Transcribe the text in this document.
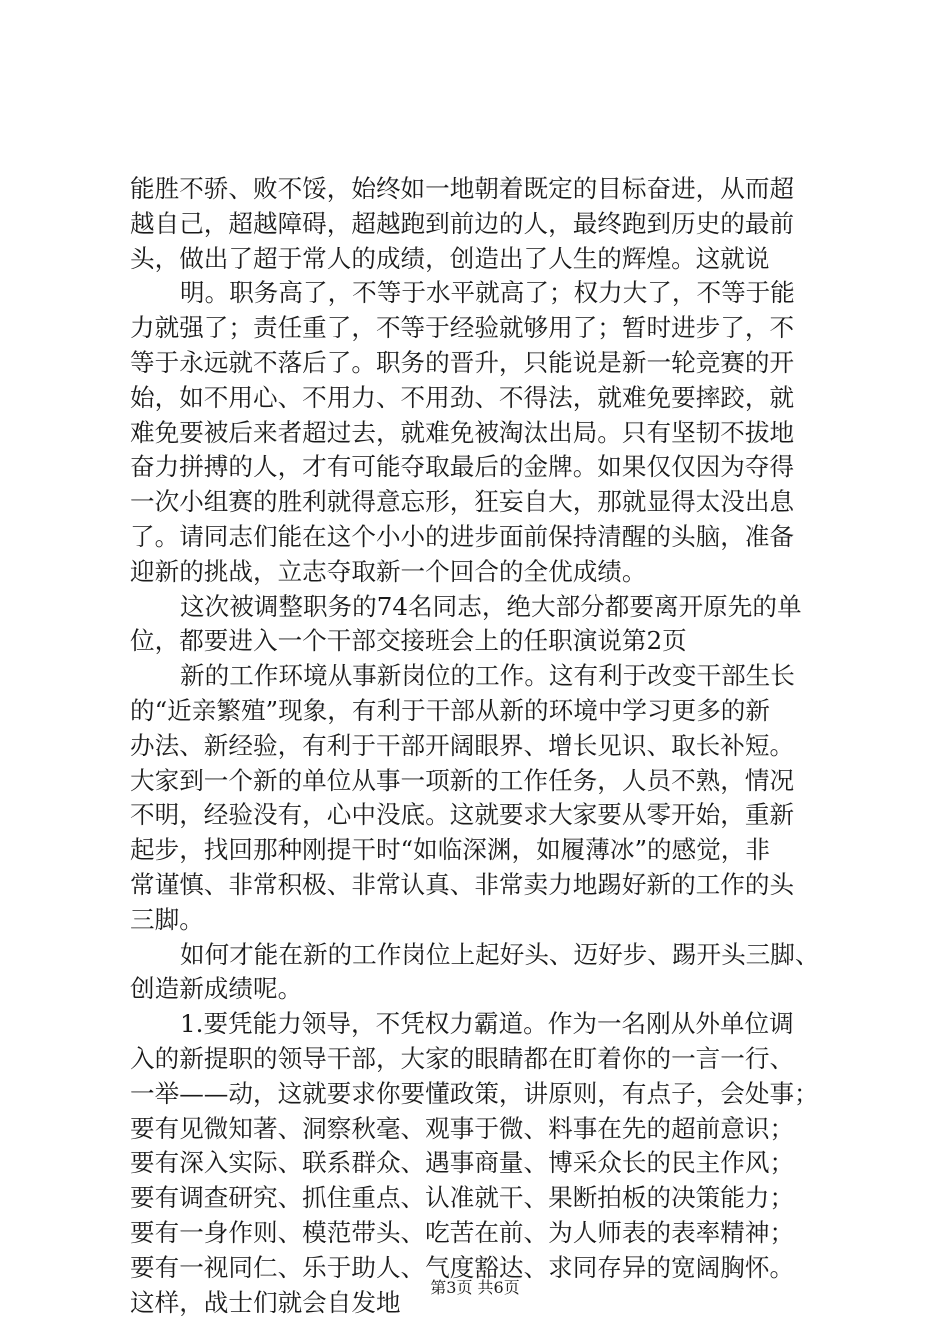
能胜不骄、败不馁，始终如一地朝着既定的目标奋进，从而超
越自己，超越障碍，超越跑到前边的人，最终跑到历史的最前
头，做出了超于常人的成绩，创造出了人生的辉煌。这就说
明。职务高了，不等于水平就高了；权力大了，不等于能
力就强了；责任重了，不等于经验就够用了；暂时进步了，不
等于永远就不落后了。职务的晋升，只能说是新一轮竞赛的开
始，如不用心、不用力、不用劲、不得法，就难免要摔跤，就
难免要被后来者超过去，就难免被淘汰出局。只有坚韧不拔地
奋力拼搏的人，才有可能夺取最后的金牌。如果仅仅因为夺得
一次小组赛的胜利就得意忘形，狂妄自大，那就显得太没出息
了。请同志们能在这个小小的进步面前保持清醒的头脑，准备
迎新的挑战，立志夺取新一个回合的全优成绩。
这次被调整职务的74名同志，绝大部分都要离开原先的单
位，都要进入一个干部交接班会上的任职演说第2页
新的工作环境从事新岗位的工作。这有利于改变干部生长
的“近亲繁殖”现象，有利于干部从新的环境中学习更多的新
办法、新经验，有利于干部开阔眼界、增长见识、取长补短。
大家到一个新的单位从事一项新的工作任务，人员不熟，情况
不明，经验没有，心中没底。这就要求大家要从零开始，重新
起步，找回那种刚提干时“如临深渊，如履薄冰”的感觉，非
常谨慎、非常积极、非常认真、非常卖力地踢好新的工作的头
三脚。
如何才能在新的工作岗位上起好头、迈好步、踢开头三脚、
创造新成绩呢。
1.要凭能力领导，不凭权力霸道。作为一名刚从外单位调
入的新提职的领导干部，大家的眼睛都在盯着你的一言一行、
一举——动，这就要求你要懂政策，讲原则，有点子，会处事；
要有见微知著、洞察秋毫、观事于微、料事在先的超前意识；
要有深入实际、联系群众、遇事商量、博采众长的民主作风；
要有调查研究、抓住重点、认准就干、果断拍板的决策能力；
要有一身作则、模范带头、吃苦在前、为人师表的表率精神；
要有一视同仁、乐于助人、气度豁达、求同存异的宽阔胸怀。
这样，战士们就会自发地	第3页 共6页
